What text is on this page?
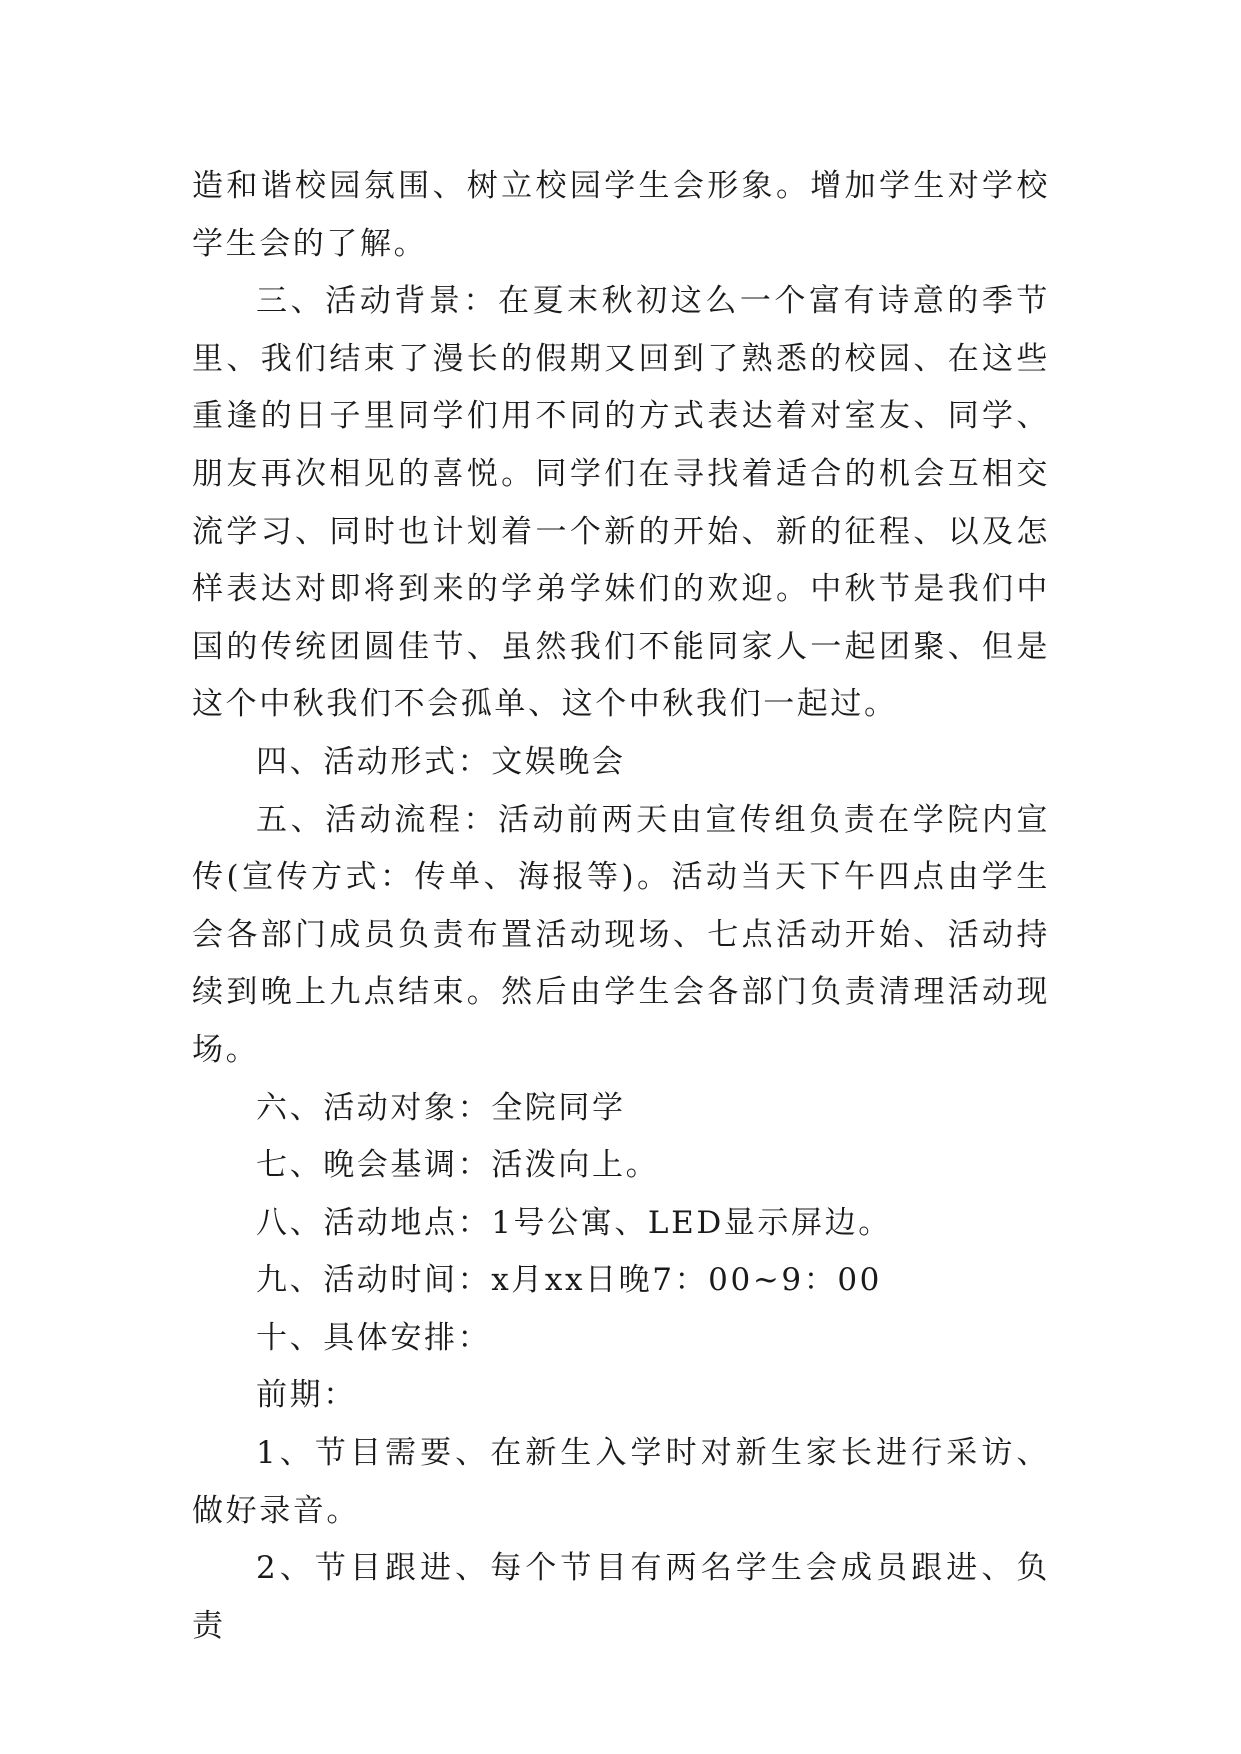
造和谐校园氛围、树立校园学生会形象。增加学生对学校学生会的了解。

三、活动背景：在夏末秋初这么一个富有诗意的季节里、我们结束了漫长的假期又回到了熟悉的校园、在这些重逢的日子里同学们用不同的方式表达着对室友、同学、朋友再次相见的喜悦。同学们在寻找着适合的机会互相交流学习、同时也计划着一个新的开始、新的征程、以及怎样表达对即将到来的学弟学妹们的欢迎。中秋节是我们中国的传统团圆佳节、虽然我们不能同家人一起团聚、但是这个中秋我们不会孤单、这个中秋我们一起过。

四、活动形式：文娱晚会

五、活动流程：活动前两天由宣传组负责在学院内宣传(宣传方式：传单、海报等)。活动当天下午四点由学生会各部门成员负责布置活动现场、七点活动开始、活动持续到晚上九点结束。然后由学生会各部门负责清理活动现场。

六、活动对象：全院同学

七、晚会基调：活泼向上。

八、活动地点：1号公寓、LED显示屏边。

九、活动时间：x月xx日晚7：00~9：00

十、具体安排：

前期：

1、节目需要、在新生入学时对新生家长进行采访、做好录音。

2、节目跟进、每个节目有两名学生会成员跟进、负责
